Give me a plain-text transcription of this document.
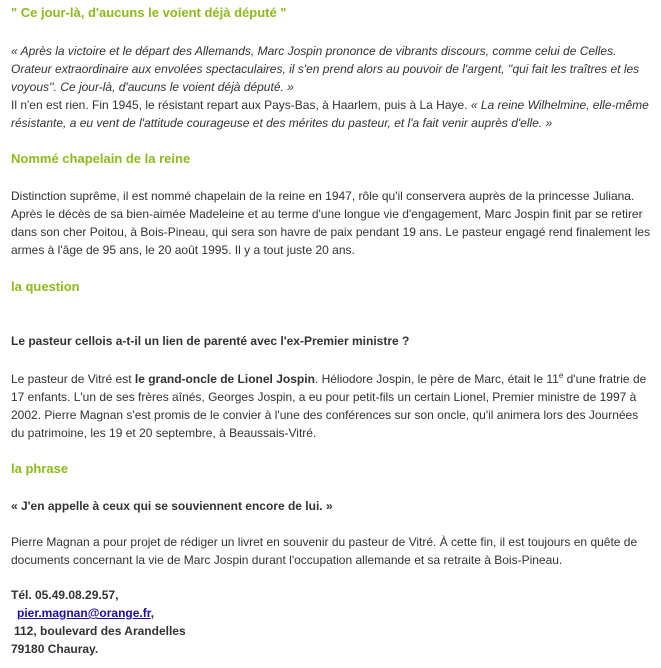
" Ce jour-là, d'aucuns le voient déjà député "

« Après la victoire et le départ des Allemands, Marc Jospin prononce de vibrants discours, comme celui de Celles. Orateur extraordinaire aux envolées spectaculaires, il s'en prend alors au pouvoir de l'argent, ''qui fait les traîtres et les voyous''. Ce jour-là, d'aucuns le voient déjà député. »

Il n'en est rien. Fin 1945, le résistant repart aux Pays-Bas, à Haarlem, puis à La Haye. « La reine Wilhelmine, elle-même résistante, a eu vent de l'attitude courageuse et des mérites du pasteur, et l'a fait venir auprès d'elle. »

Nommé chapelain de la reine

Distinction suprême, il est nommé chapelain de la reine en 1947, rôle qu'il conservera auprès de la princesse Juliana. Après le décès de sa bien-aimée Madeleine et au terme d'une longue vie d'engagement, Marc Jospin finit par se retirer dans son cher Poitou, à Bois-Pineau, qui sera son havre de paix pendant 19 ans. Le pasteur engagé rend finalement les armes à l'âge de 95 ans, le 20 août 1995. Il y a tout juste 20 ans.

la question

Le pasteur cellois a-t-il un lien de parenté avec l'ex-Premier ministre ?

Le pasteur de Vitré est le grand-oncle de Lionel Jospin. Héliodore Jospin, le père de Marc, était le 11e d'une fratrie de 17 enfants. L'un de ses frères aînés, Georges Jospin, a eu pour petit-fils un certain Lionel, Premier ministre de 1997 à 2002. Pierre Magnan s'est promis de le convier à l'une des conférences sur son oncle, qu'il animera lors des Journées du patrimoine, les 19 et 20 septembre, à Beaussais-Vitré.

la phrase

« J'en appelle à ceux qui se souviennent encore de lui. »

Pierre Magnan a pour projet de rédiger un livret en souvenir du pasteur de Vitré. À cette fin, il est toujours en quête de documents concernant la vie de Marc Jospin durant l'occupation allemande et sa retraite à Bois-Pineau.

Tél. 05.49.08.29.57,
pier.magnan@orange.fr,
112, boulevard des Arandelles
79180 Chauray.
